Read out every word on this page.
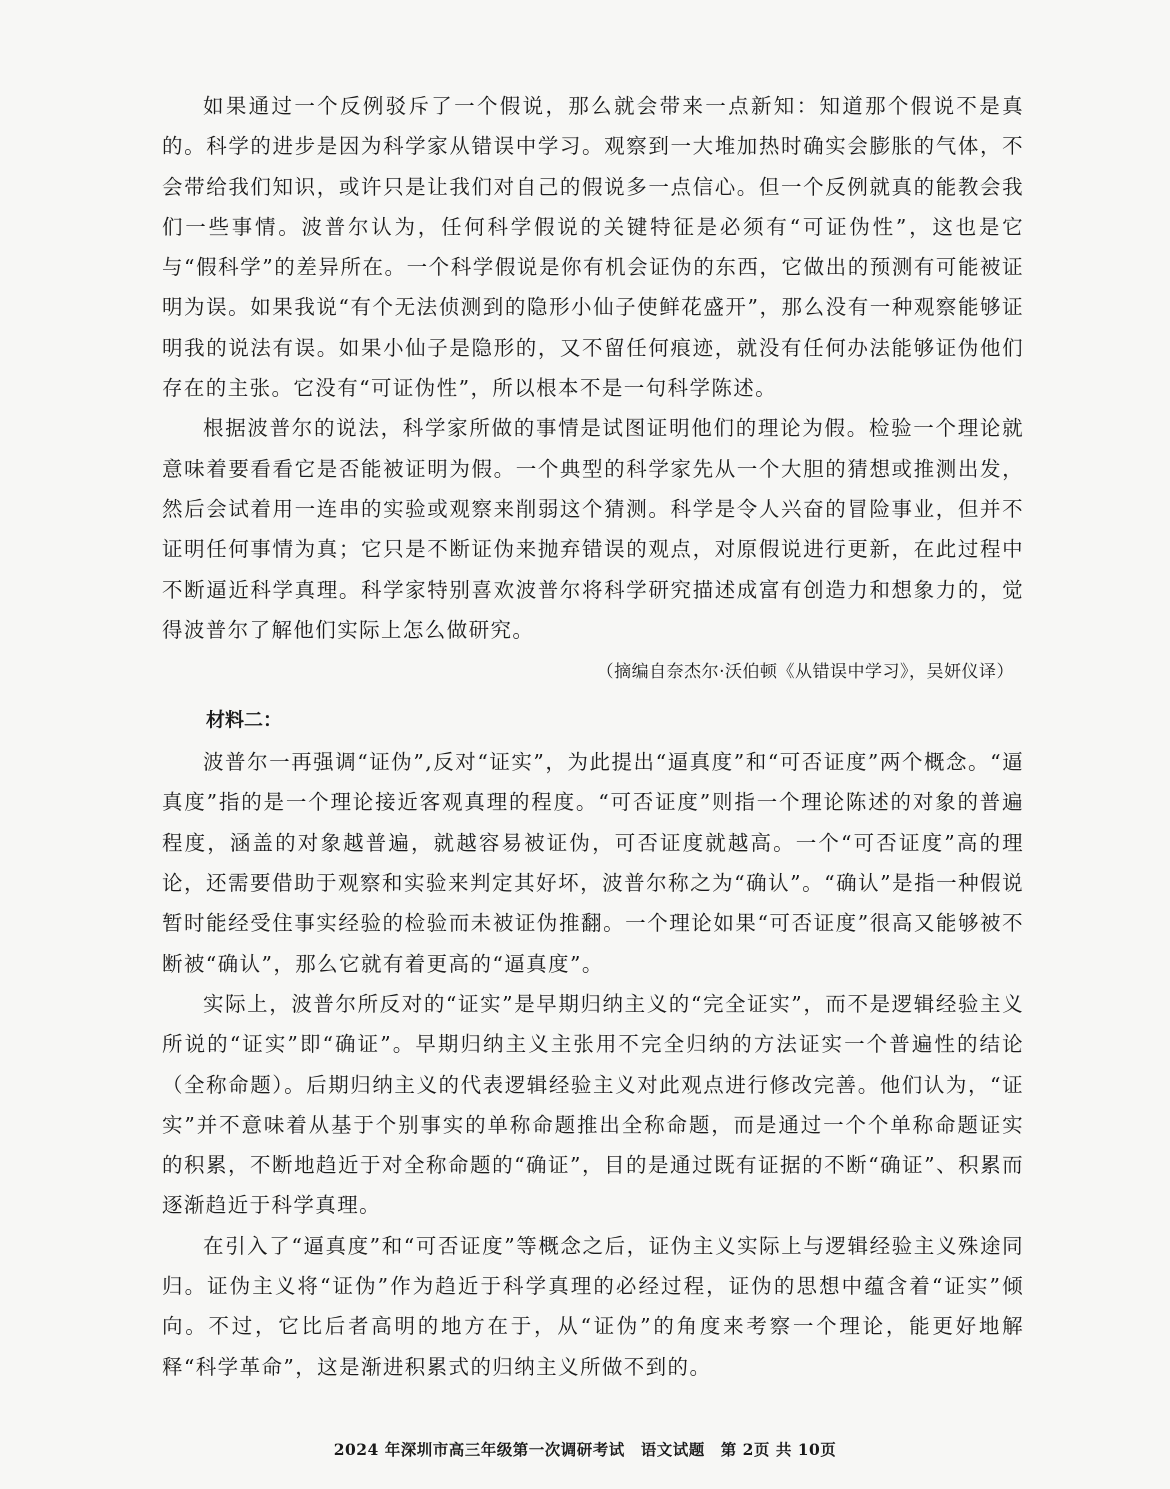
如果通过一个反例驳斥了一个假说，那么就会带来一点新知：知道那个假说不是真的。科学的进步是因为科学家从错误中学习。观察到一大堆加热时确实会膨胀的气体，不会带给我们知识，或许只是让我们对自己的假说多一点信心。但一个反例就真的能教会我们一些事情。波普尔认为，任何科学假说的关键特征是必须有“可证伪性”，这也是它与“假科学”的差异所在。一个科学假说是你有机会证伪的东西，它做出的预测有可能被证明为误。如果我说“有个无法侦测到的隐形小仙子使鲜花盛开”，那么没有一种观察能够证明我的说法有误。如果小仙子是隐形的，又不留任何痕迹，就没有任何办法能够证伪他们存在的主张。它没有“可证伪性”，所以根本不是一句科学陈述。

根据波普尔的说法，科学家所做的事情是试图证明他们的理论为假。检验一个理论就意味着要看看它是否能被证明为假。一个典型的科学家先从一个大胆的猜想或推测出发，然后会试着用一连串的实验或观察来削弱这个猜测。科学是令人兴奋的冒险事业，但并不证明任何事情为真；它只是不断证伪来抛弃错误的观点，对原假说进行更新，在此过程中不断逼近科学真理。科学家特别喜欢波普尔将科学研究描述成富有创造力和想象力的，觉得波普尔了解他们实际上怎么做研究。

（摘编自奈杰尔·沃伯顿《从错误中学习》，吴妍仪译）

材料二：

波普尔一再强调“证伪”,反对“证实”，为此提出“逼真度”和“可否证度”两个概念。“逼真度”指的是一个理论接近客观真理的程度。“可否证度”则指一个理论陈述的对象的普遍程度，涵盖的对象越普遍，就越容易被证伪，可否证度就越高。一个“可否证度”高的理论，还需要借助于观察和实验来判定其好坏，波普尔称之为“确认”。“确认”是指一种假说暂时能经受住事实经验的检验而未被证伪推翻。一个理论如果“可否证度”很高又能够被不断被“确认”，那么它就有着更高的“逼真度”。

实际上，波普尔所反对的“证实”是早期归纳主义的“完全证实”，而不是逻辑经验主义所说的“证实”即“确证”。早期归纳主义主张用不完全归纳的方法证实一个普遍性的结论（全称命题）。后期归纳主义的代表逻辑经验主义对此观点进行修改完善。他们认为，“证实”并不意味着从基于个别事实的单称命题推出全称命题，而是通过一个个单称命题证实的积累，不断地趋近于对全称命题的“确证”，目的是通过既有证据的不断“确证”、积累而逐渐趋近于科学真理。

在引入了“逼真度”和“可否证度”等概念之后，证伪主义实际上与逻辑经验主义殊途同归。证伪主义将“证伪”作为趋近于科学真理的必经过程，证伪的思想中蕴含着“证实”倾向。不过，它比后者高明的地方在于，从“证伪”的角度来考察一个理论，能更好地解释“科学革命”，这是渐进积累式的归纳主义所做不到的。

2024 年深圳市高三年级第一次调研考试　语文试题　第 2页 共 10页
